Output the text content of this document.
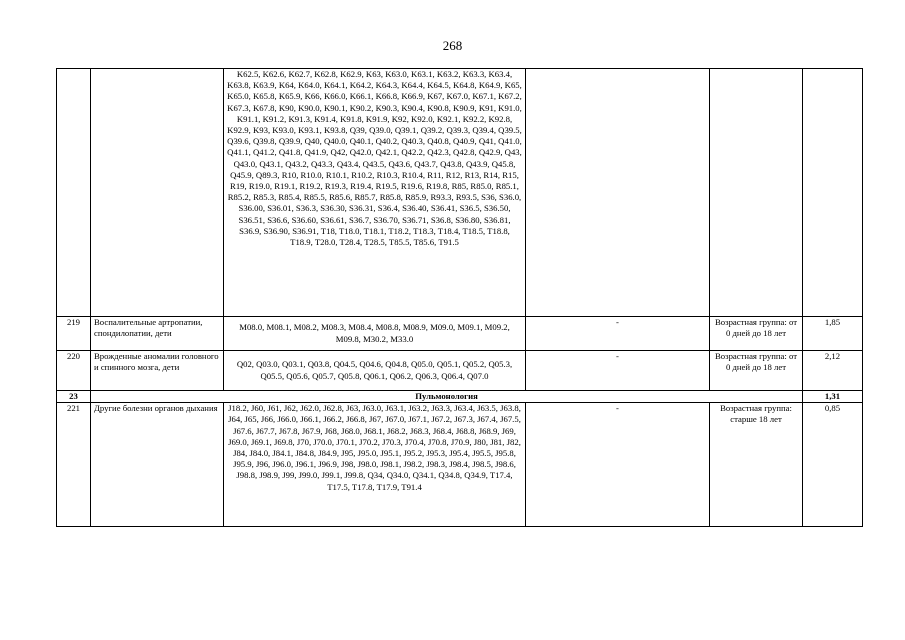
268
		K62.5, K62.6, K62.7, K62.8, K62.9, K63, K63.0, K63.1, K63.2, K63.3, K63.4, K63.8, K63.9, K64, K64.0, K64.1, K64.2, K64.3, K64.4, K64.5, K64.8, K64.9, K65, K65.0, K65.8, K65.9, K66, K66.0, K66.1, K66.8, K66.9, K67, K67.0, K67.1, K67.2, K67.3, K67.8, K90, K90.0, K90.1, K90.2, K90.3, K90.4, K90.8, K90.9, K91, K91.0, K91.1, K91.2, K91.3, K91.4, K91.8, K91.9, K92, K92.0, K92.1, K92.2, K92.8, K92.9, K93, K93.0, K93.1, K93.8, Q39, Q39.0, Q39.1, Q39.2, Q39.3, Q39.4, Q39.5, Q39.6, Q39.8, Q39.9, Q40, Q40.0, Q40.1, Q40.2, Q40.3, Q40.8, Q40.9, Q41, Q41.0, Q41.1, Q41.2, Q41.8, Q41.9, Q42, Q42.0, Q42.1, Q42.2, Q42.3, Q42.8, Q42.9, Q43, Q43.0, Q43.1, Q43.2, Q43.3, Q43.4, Q43.5, Q43.6, Q43.7, Q43.8, Q43.9, Q45.8, Q45.9, Q89.3, R10, R10.0, R10.1, R10.2, R10.3, R10.4, R11, R12, R13, R14, R15, R19, R19.0, R19.1, R19.2, R19.3, R19.4, R19.5, R19.6, R19.8, R85, R85.0, R85.1, R85.2, R85.3, R85.4, R85.5, R85.6, R85.7, R85.8, R85.9, R93.3, R93.5, S36, S36.0, S36.00, S36.01, S36.3, S36.30, S36.31, S36.4, S36.40, S36.41, S36.5, S36.50, S36.51, S36.6, S36.60, S36.61, S36.7, S36.70, S36.71, S36.8, S36.80, S36.81, S36.9, S36.90, S36.91, T18, T18.0, T18.1, T18.2, T18.3, T18.4, T18.5, T18.8, T18.9, T28.0, T28.4, T28.5, T85.5, T85.6, T91.5			
219	Воспалительные артропатии, спондилопатии, дети	M08.0, M08.1, M08.2, M08.3, M08.4, M08.8, M08.9, M09.0, M09.1, M09.2, M09.8, M30.2, M33.0	-	Возрастная группа: от 0 дней до 18 лет	1,85
220	Врожденные аномалии головного и спинного мозга, дети	Q02, Q03.0, Q03.1, Q03.8, Q04.5, Q04.6, Q04.8, Q05.0, Q05.1, Q05.2, Q05.3, Q05.5, Q05.6, Q05.7, Q05.8, Q06.1, Q06.2, Q06.3, Q06.4, Q07.0	-	Возрастная группа: от 0 дней до 18 лет	2,12
23	Пульмонология				1,31
221	Другие болезни органов дыхания	J18.2, J60, J61, J62, J62.0, J62.8, J63, J63.0, J63.1, J63.2, J63.3, J63.4, J63.5, J63.8, J64, J65, J66, J66.0, J66.1, J66.2, J66.8, J67, J67.0, J67.1, J67.2, J67.3, J67.4, J67.5, J67.6, J67.7, J67.8, J67.9, J68, J68.0, J68.1, J68.2, J68.3, J68.4, J68.8, J68.9, J69, J69.0, J69.1, J69.8, J70, J70.0, J70.1, J70.2, J70.3, J70.4, J70.8, J70.9, J80, J81, J82, J84, J84.0, J84.1, J84.8, J84.9, J95, J95.0, J95.1, J95.2, J95.3, J95.4, J95.5, J95.8, J95.9, J96, J96.0, J96.1, J96.9, J98, J98.0, J98.1, J98.2, J98.3, J98.4, J98.5, J98.6, J98.8, J98.9, J99, J99.0, J99.1, J99.8, Q34, Q34.0, Q34.1, Q34.8, Q34.9, T17.4, T17.5, T17.8, T17.9, T91.4	-	Возрастная группа: старше 18 лет	0,85
